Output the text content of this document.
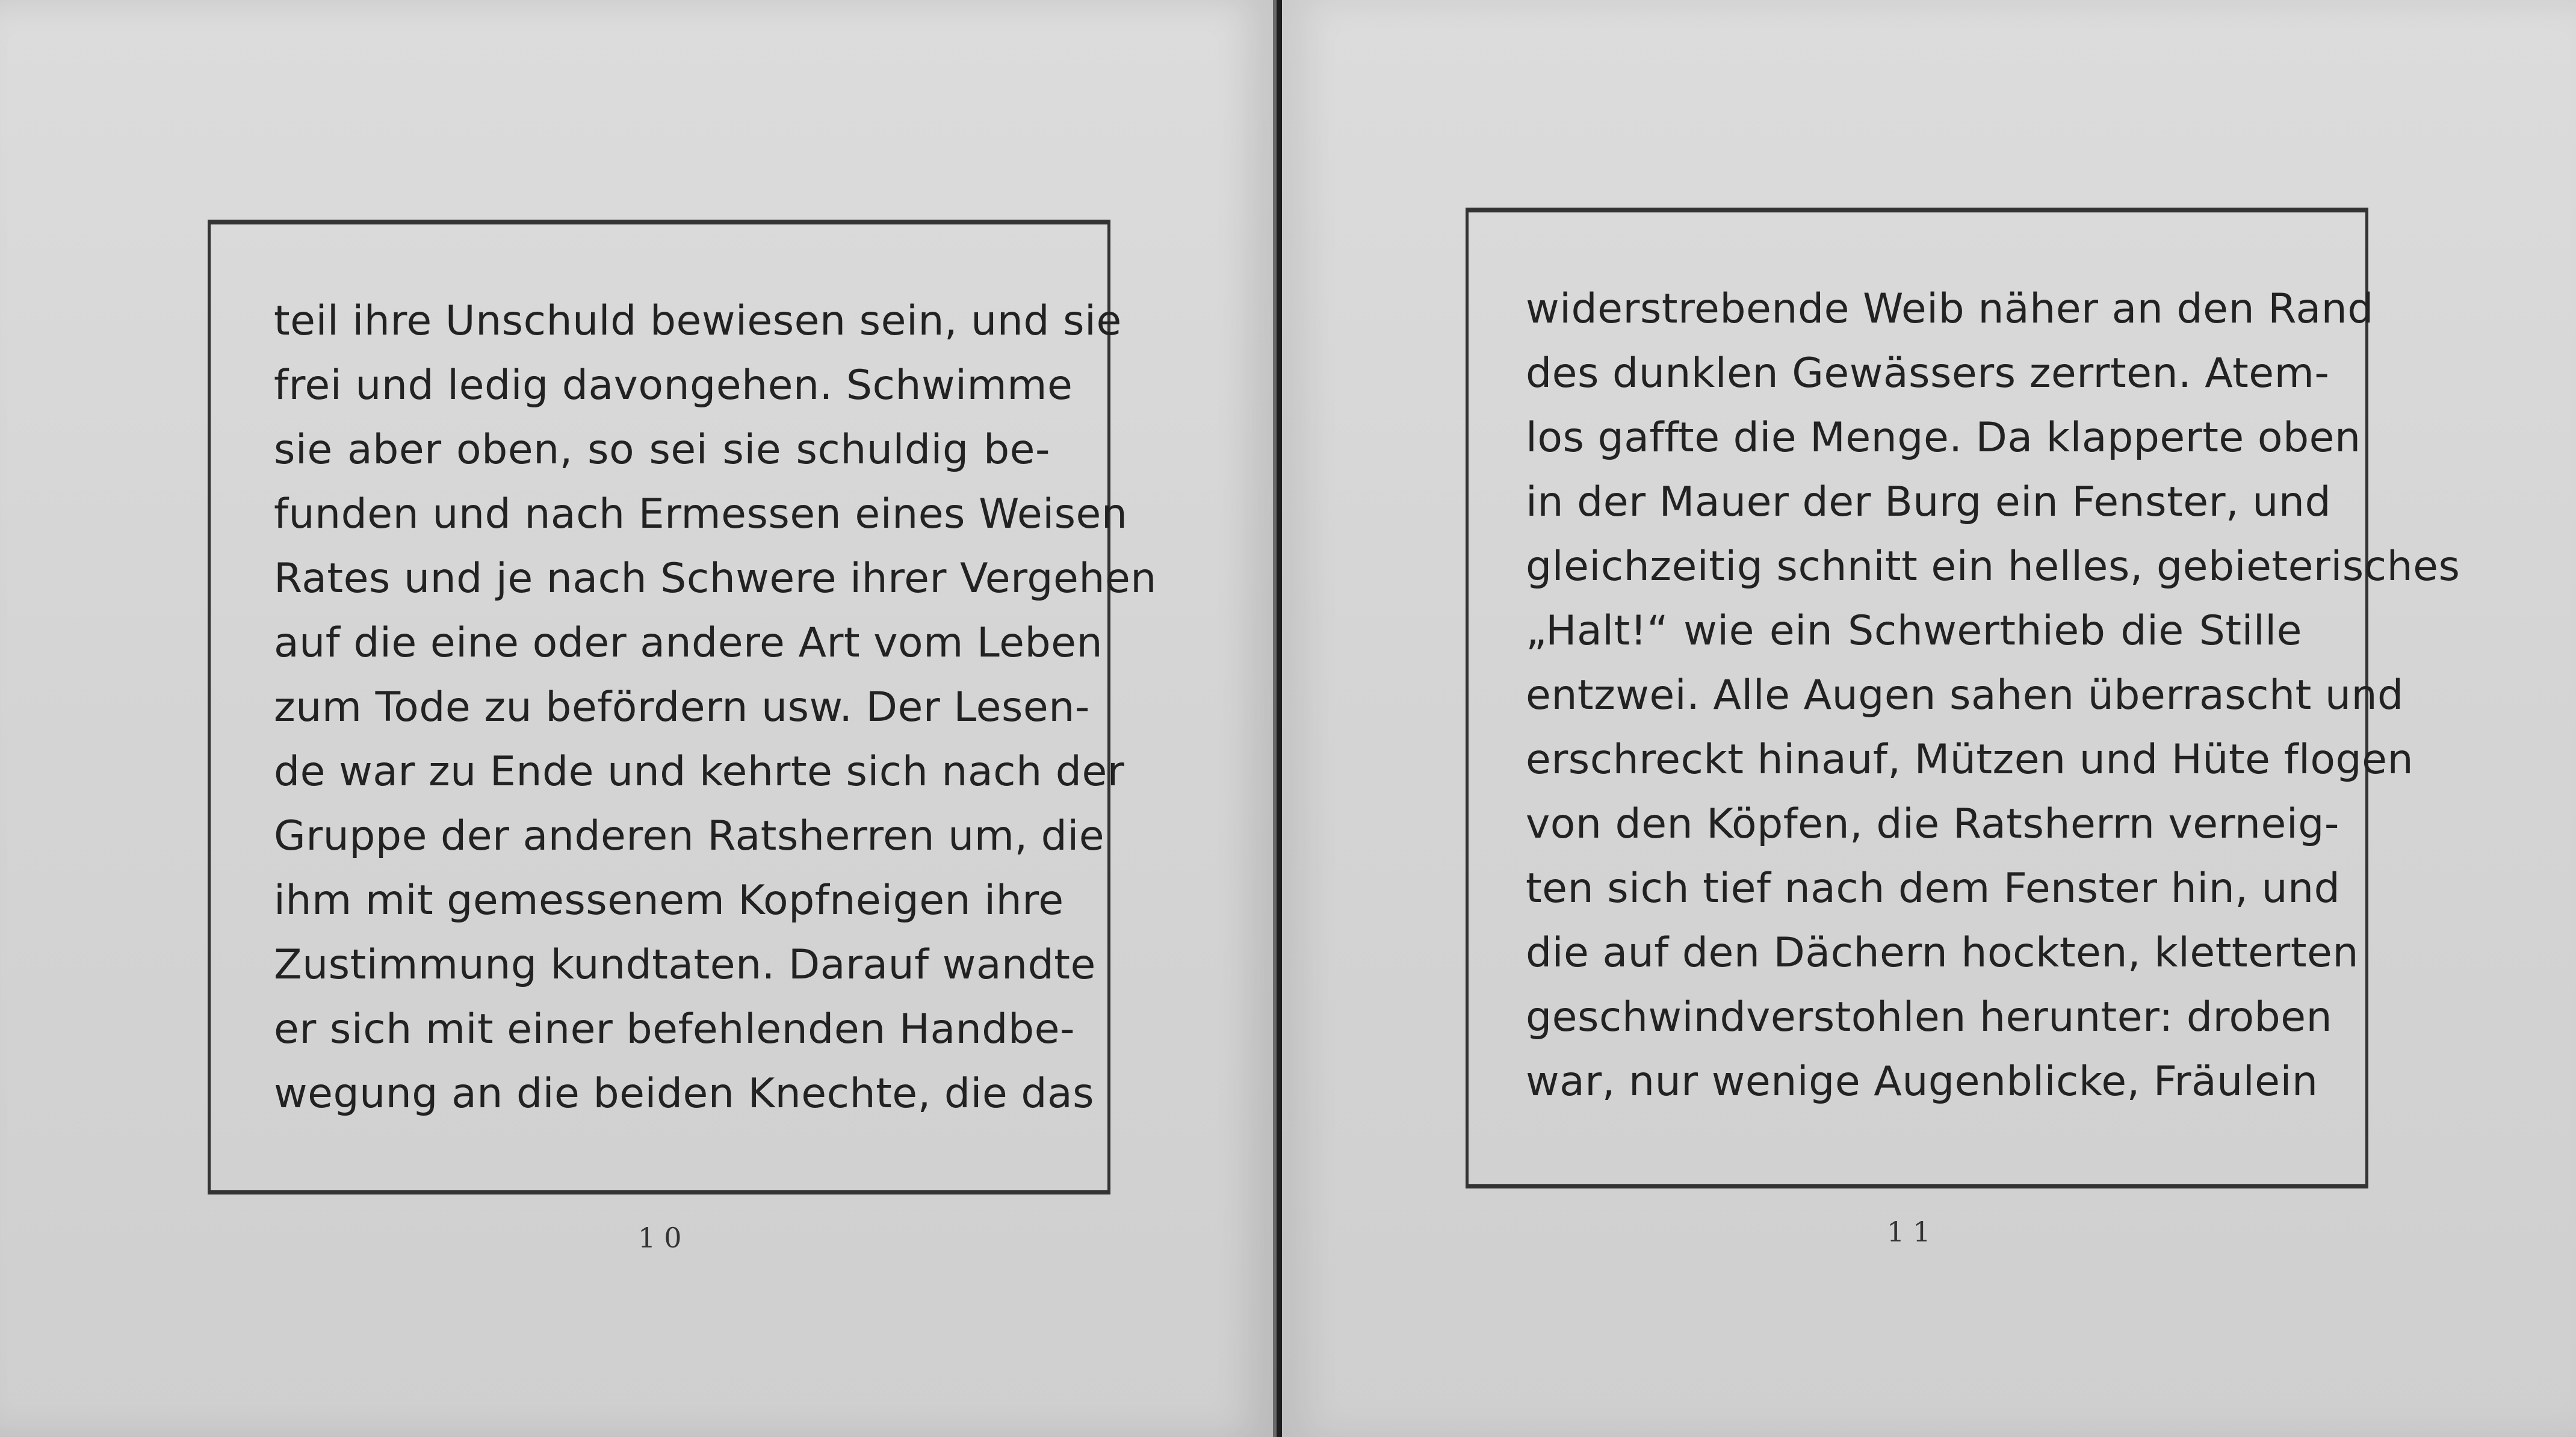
teil ihre Unschuld bewiesen sein, und sie
frei und ledig davongehen. Schwimme
sie aber oben, so sei sie schuldig be-
funden und nach Ermessen eines Weisen
Rates und je nach Schwere ihrer Vergehen
auf die eine oder andere Art vom Leben
zum Tode zu befördern usw. Der Lesen-
de war zu Ende und kehrte sich nach der
Gruppe der anderen Ratsherren um, die
ihm mit gemessenem Kopfneigen ihre
Zustimmung kundtaten. Darauf wandte
er sich mit einer befehlenden Handbe-
wegung an die beiden Knechte, die das
widerstrebende Weib näher an den Rand
des dunklen Gewässers zerrten. Atem-
los gaffte die Menge. Da klapperte oben
in der Mauer der Burg ein Fenster, und
gleichzeitig schnitt ein helles, gebieterisches
„Halt!“ wie ein Schwerthieb die Stille
entzwei. Alle Augen sahen überrascht und
erschreckt hinauf, Mützen und Hüte flogen
von den Köpfen, die Ratsherrn verneig-
ten sich tief nach dem Fenster hin, und
die auf den Dächern hockten, kletterten
geschwindverstohlen herunter: droben
war, nur wenige Augenblicke, Fräulein
10	11
